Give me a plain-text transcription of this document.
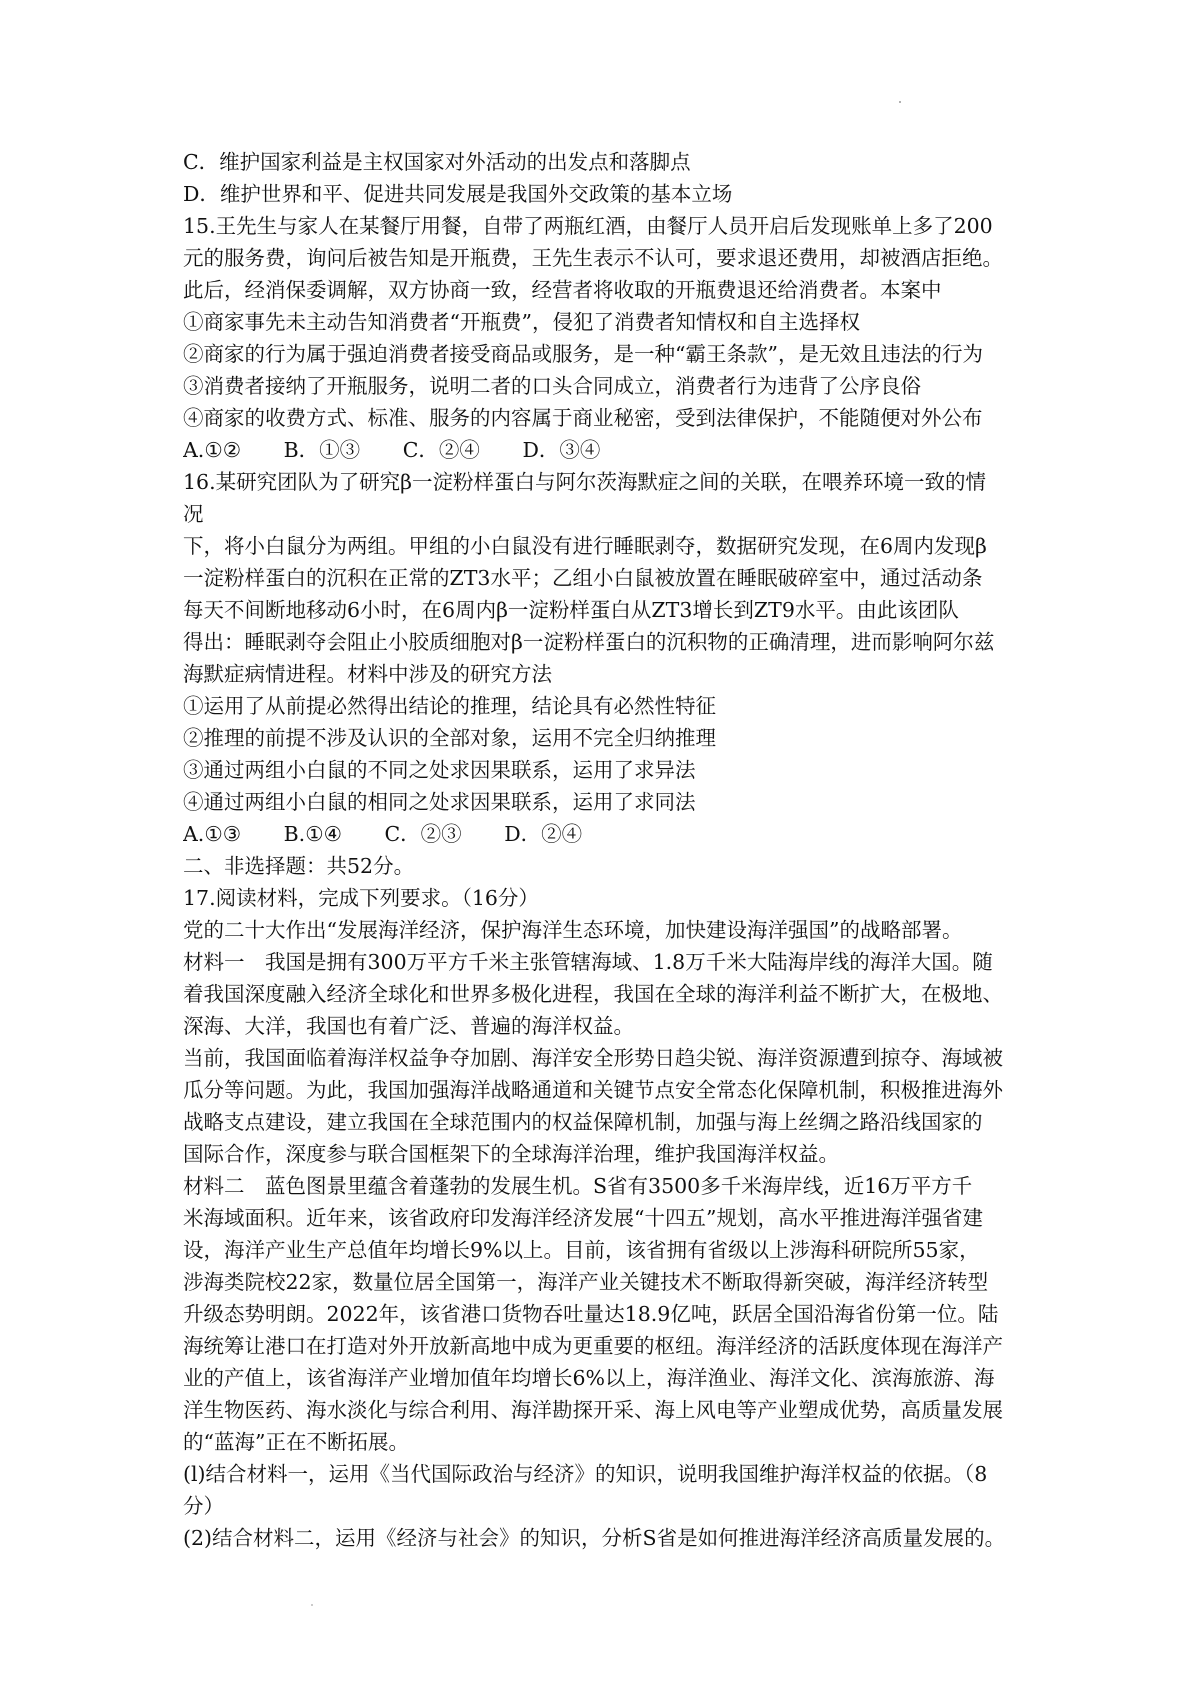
C．维护国家利益是主权国家对外活动的出发点和落脚点
D．维护世界和平、促进共同发展是我国外交政策的基本立场
15.王先生与家人在某餐厅用餐，自带了两瓶红酒，由餐厅人员开启后发现账单上多了200
元的服务费，询问后被告知是开瓶费，王先生表示不认可，要求退还费用，却被酒店拒绝。
此后，经消保委调解，双方协商一致，经营者将收取的开瓶费退还给消费者。本案中
①商家事先未主动告知消费者“开瓶费”，侵犯了消费者知情权和自主选择权
②商家的行为属于强迫消费者接受商品或服务，是一种“霸王条款”，是无效且违法的行为
③消费者接纳了开瓶服务，说明二者的口头合同成立，消费者行为违背了公序良俗
④商家的收费方式、标准、服务的内容属于商业秘密，受到法律保护，不能随便对外公布
A.①② B．①③ C．②④ D．③④
16.某研究团队为了研究β一淀粉样蛋白与阿尔茨海默症之间的关联，在喂养环境一致的情
况
下，将小白鼠分为两组。甲组的小白鼠没有进行睡眠剥夺，数据研究发现，在6周内发现β
一淀粉样蛋白的沉积在正常的ZT3水平；乙组小白鼠被放置在睡眠破碎室中，通过活动条
每天不间断地移动6小时，在6周内β一淀粉样蛋白从ZT3增长到ZT9水平。由此该团队
得出：睡眠剥夺会阻止小胶质细胞对β一淀粉样蛋白的沉积物的正确清理，进而影响阿尔兹
海默症病情进程。材料中涉及的研究方法
①运用了从前提必然得出结论的推理，结论具有必然性特征
②推理的前提不涉及认识的全部对象，运用不完全归纳推理
③通过两组小白鼠的不同之处求因果联系，运用了求异法
④通过两组小白鼠的相同之处求因果联系，运用了求同法
A.①③ B.①④ C．②③ D．②④
二、非选择题：共52分。
17.阅读材料，完成下列要求。（16分）
党的二十大作出“发展海洋经济，保护海洋生态环境，加快建设海洋强国”的战略部署。
材料一　我国是拥有300万平方千米主张管辖海域、1.8万千米大陆海岸线的海洋大国。随
着我国深度融入经济全球化和世界多极化进程，我国在全球的海洋利益不断扩大，在极地、
深海、大洋，我国也有着广泛、普遍的海洋权益。
当前，我国面临着海洋权益争夺加剧、海洋安全形势日趋尖锐、海洋资源遭到掠夺、海域被
瓜分等问题。为此，我国加强海洋战略通道和关键节点安全常态化保障机制，积极推进海外
战略支点建设，建立我国在全球范围内的权益保障机制，加强与海上丝绸之路沿线国家的
国际合作，深度参与联合国框架下的全球海洋治理，维护我国海洋权益。
材料二　蓝色图景里蕴含着蓬勃的发展生机。S省有3500多千米海岸线，近16万平方千
米海域面积。近年来，该省政府印发海洋经济发展“十四五”规划，高水平推进海洋强省建
设，海洋产业生产总值年均增长9%以上。目前，该省拥有省级以上涉海科研院所55家，
涉海类院校22家，数量位居全国第一，海洋产业关键技术不断取得新突破，海洋经济转型
升级态势明朗。2022年，该省港口货物吞吐量达18.9亿吨，跃居全国沿海省份第一位。陆
海统筹让港口在打造对外开放新高地中成为更重要的枢纽。海洋经济的活跃度体现在海洋产
业的产值上，该省海洋产业增加值年均增长6%以上，海洋渔业、海洋文化、滨海旅游、海
洋生物医药、海水淡化与综合利用、海洋勘探开采、海上风电等产业塑成优势，高质量发展
的“蓝海”正在不断拓展。
(l)结合材料一，运用《当代国际政治与经济》的知识，说明我国维护海洋权益的依据。（8
分）
(2)结合材料二，运用《经济与社会》的知识，分析S省是如何推进海洋经济高质量发展的。
